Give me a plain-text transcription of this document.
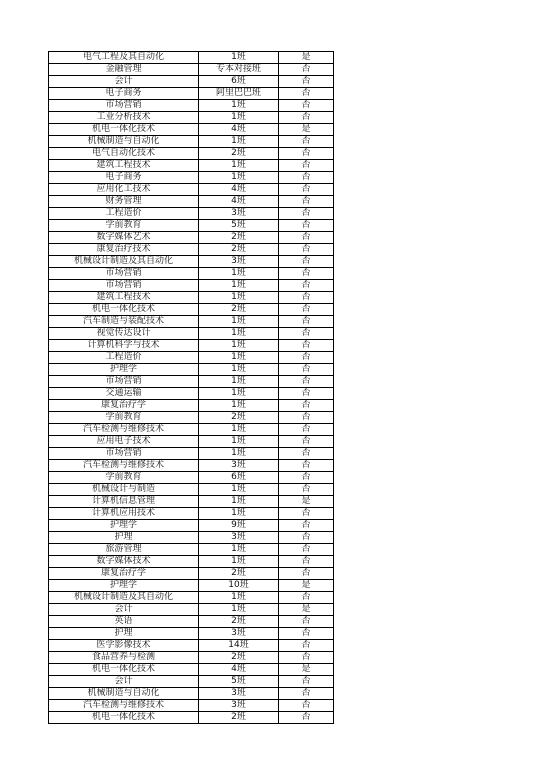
电气工程及其自动化	1班	是
金融管理	专本对接班	否
会计	6班	否
电子商务	阿里巴巴班	否
市场营销	1班	否
工业分析技术	1班	否
机电一体化技术	4班	是
机械制造与自动化	1班	否
电气自动化技术	2班	否
建筑工程技术	1班	否
电子商务	1班	否
应用化工技术	4班	否
财务管理	4班	否
工程造价	3班	否
学前教育	5班	否
数字媒体艺术	2班	否
康复治疗技术	2班	否
机械设计制造及其自动化	3班	否
市场营销	1班	否
市场营销	1班	否
建筑工程技术	1班	否
机电一体化技术	2班	否
汽车制造与装配技术	1班	否
视觉传达设计	1班	否
计算机科学与技术	1班	否
工程造价	1班	否
护理学	1班	否
市场营销	1班	否
交通运输	1班	否
康复治疗学	1班	否
学前教育	2班	否
汽车检测与维修技术	1班	否
应用电子技术	1班	否
市场营销	1班	否
汽车检测与维修技术	3班	否
学前教育	6班	否
机械设计与制造	1班	否
计算机信息管理	1班	是
计算机应用技术	1班	否
护理学	9班	否
护理	3班	否
旅游管理	1班	否
数字媒体技术	1班	否
康复治疗学	2班	否
护理学	10班	是
机械设计制造及其自动化	1班	否
会计	1班	是
英语	2班	否
护理	3班	否
医学影像技术	14班	否
食品营养与检测	2班	否
机电一体化技术	4班	是
会计	5班	否
机械制造与自动化	3班	否
汽车检测与维修技术	3班	否
机电一体化技术	2班	否
